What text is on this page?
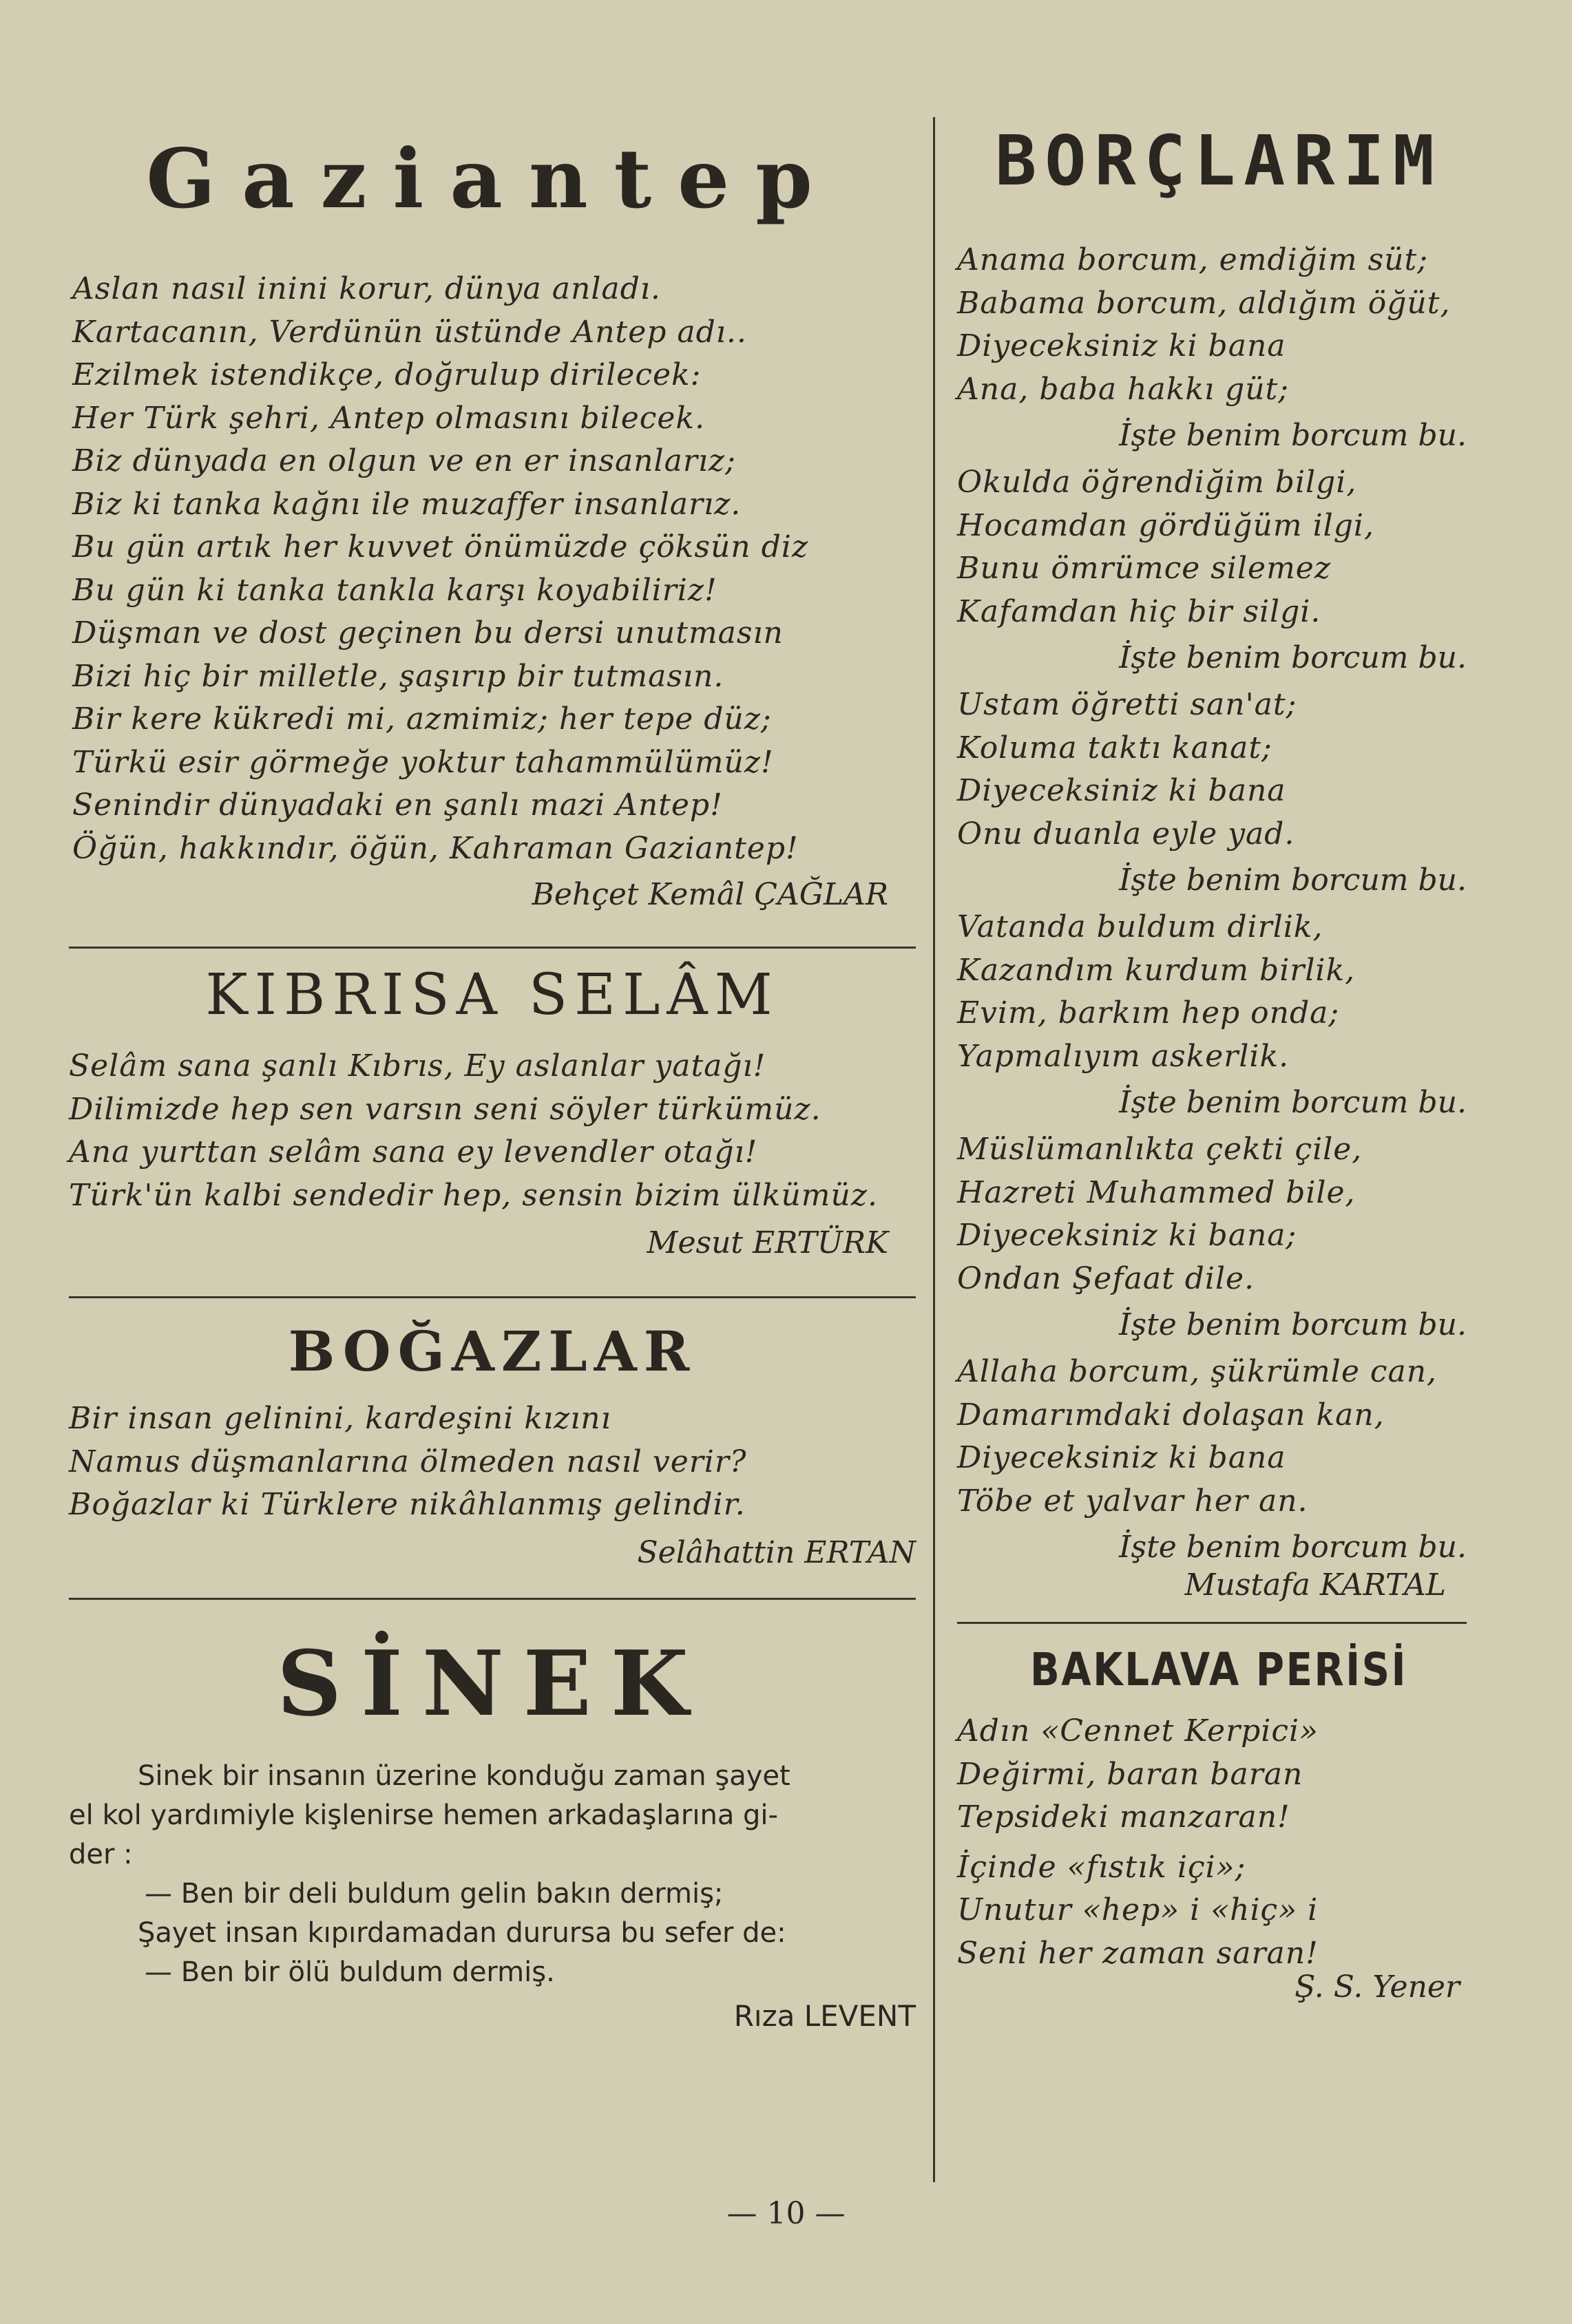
Gaziantep
Aslan nasıl inini korur, dünya anladı.
Kartacanın, Verdünün üstünde Antep adı..
Ezilmek istendikçe, doğrulup dirilecek:
Her Türk şehri, Antep olmasını bilecek.
Biz dünyada en olgun ve en er insanlarız;
Biz ki tanka kağnı ile muzaffer insanlarız.
Bu gün artık her kuvvet önümüzde çöksün diz
Bu gün ki tanka tankla karşı koyabiliriz!
Düşman ve dost geçinen bu dersi unutmasın
Bizi hiç bir milletle, şaşırıp bir tutmasın.
Bir kere kükredi mi, azmimiz; her tepe düz;
Türkü esir görmeğe yoktur tahammülümüz!
Senindir dünyadaki en şanlı mazi Antep!
Öğün, hakkındır, öğün, Kahraman Gaziantep!
Behçet Kemâl ÇAĞLAR
KIBRISA SELÂM
Selâm sana şanlı Kıbrıs, Ey aslanlar yatağı!
Dilimizde hep sen varsın seni söyler türkümüz.
Ana yurttan selâm sana ey levendler otağı!
Türk'ün kalbi sendedir hep, sensin bizim ülkümüz.
Mesut ERTÜRK
BOĞAZLAR
Bir insan gelinini, kardeşini kızını
Namus düşmanlarına ölmeden nasıl verir?
Boğazlar ki Türklere nikâhlanmış gelindir.
Selâhattin ERTAN
SİNEK
Sinek bir insanın üzerine konduğu zaman şayet
el kol yardımiyle kişlenirse hemen arkadaşlarına gi-
der :
— Ben bir deli buldum gelin bakın dermiş;
Şayet insan kıpırdamadan durursa bu sefer de:
— Ben bir ölü buldum dermiş.
Rıza LEVENT
BORÇLARIM
Anama borcum, emdiğim süt;
Babama borcum, aldığım öğüt,
Diyeceksiniz ki bana
Ana, baba hakkı güt;
İşte benim borcum bu.
Okulda öğrendiğim bilgi,
Hocamdan gördüğüm ilgi,
Bunu ömrümce silemez
Kafamdan hiç bir silgi.
İşte benim borcum bu.
Ustam öğretti san'at;
Koluma taktı kanat;
Diyeceksiniz ki bana
Onu duanla eyle yad.
İşte benim borcum bu.
Vatanda buldum dirlik,
Kazandım kurdum birlik,
Evim, barkım hep onda;
Yapmalıyım askerlik.
İşte benim borcum bu.
Müslümanlıkta çekti çile,
Hazreti Muhammed bile,
Diyeceksiniz ki bana;
Ondan Şefaat dile.
İşte benim borcum bu.
Allaha borcum, şükrümle can,
Damarımdaki dolaşan kan,
Diyeceksiniz ki bana
Töbe et yalvar her an.
İşte benim borcum bu.
Mustafa KARTAL
BAKLAVA PERİSİ
Adın «Cennet Kerpici»
Değirmi, baran baran
Tepsideki manzaran!
İçinde «fıstık içi»;
Unutur «hep» i «hiç» i
Seni her zaman saran!
Ş. S. Yener
— 10 —
